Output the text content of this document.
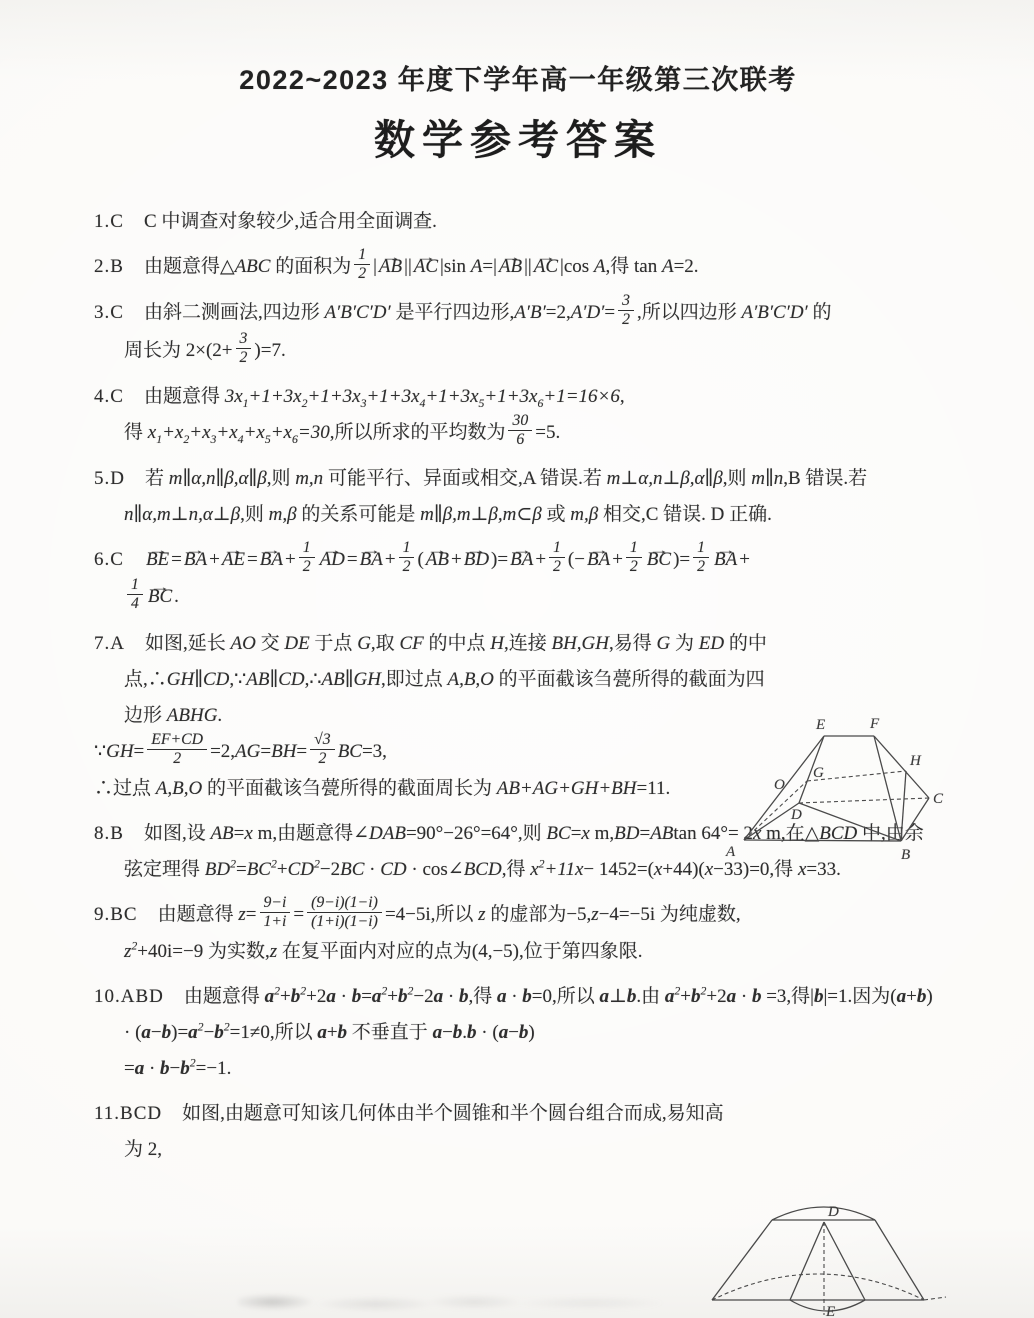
2022~2023 年度下学年高一年级第三次联考
数学参考答案
1.C C 中调查对象较少,适合用全面调查.
2.B 由题意得△ABC 的面积为 $\frac{1}{2}$ | AB → || AC → |sin A=| AB → || AC → |cos A,得 tan A=2.
3.C 由斜二测画法,四边形 A′B′C′D′ 是平行四边形$,A'B'=2,A'D'= \frac{3}{2}$ ,所以四边形 A′B′C′D′ 的
周长为 $2\times(2+ \frac{3}{2} )=7$.
4.C 由题意得 $3x_1+1+3x_2+1+3x_3+1+3x_4+1+3x_5+1+3x_6+1=16\times 6$,
得 $x_1+x_2+x_3+x_4+x_5+x_6=30$,所以所求的平均数为 $\frac{30}{6} =5$.
5.D 若 m∥α,n∥β,α∥β,则 m,n 可能平行、异面或相交,A 错误.若 m⊥α,n⊥β,α∥β,则 m∥n,B 错误.若 n∥α,m⊥n,α⊥β,则 m,β 的关系可能是 m∥β,m⊥β,m⊂β 或 m,β 相交,C 错误. D 正确.
6.C BE → = BA → + AE → = BA → + $\frac{1}{2}$ AD → = BA → + $\frac{1}{2}$ ( AB → + BD → )= BA → + $\frac{1}{2}$ (− BA → + $\frac{1}{2}$ BC → )= $\frac{1}{2}$ BA → +
$\frac{1}{4}$ BC → .
7.A 如图,延长 AO 交 DE 于点 G,取 CF 的中点 H,连接 BH,GH,易得 G 为 ED 的中点,∴GH∥CD,∵AB∥CD,∴AB∥GH,即过点 A,B,O 的平面截该刍甍所得的截面为四边形 ABHG.
∵GH= $\frac{EF+CD}{2} =2,AG=BH= \frac{√3}{2} BC=3$,
∴过点 A,B,O 的平面截该刍甍所得的截面周长为 AB+AG+GH+BH=11.
8.B 如图,设 AB=x m,由题意得∠DAB=90°−26°=64°,则 BC=x m,BD=ABtan 64°= 2x m,在△BCD 中,由余弦定理得 $BD^2=BC^2+CD^2-2BC$ · CD · cos∠BCD,得 $x^2+11x- 1452=(x+44)(x-33)=0$,得 x=33.
9.BC 由题意得 $z= \frac{9-i}{1+i} = \frac{(9-i)(1-i)}{(1+i)(1-i)} =4-5i$,所以 z 的虚部为−5,z−4=−5i 为纯虚数,
$z^2+40i=-9$ 为实数,z 在复平面内对应的点为(4,−5),位于第四象限.
10.ABD 由题意得 $a^2+b^2+2a \cdot b=a^2+b^2-2a \cdot b$,得 a · b=0,所以 a⊥b.由 $a^2+b^2+2a \cdot b =3$,得|b|=1.因为$(a+b) \cdot (a-b)=a^2-b^2=1\ne 0$,所以 a+b 不垂直于 a−b.b · (a−b)
$=a \cdot b-b^2=-1$.
11.BCD 如图,由题意可知该几何体由半个圆锥和半个圆台组合而成,易知高为 2,
A	B
C
D
E	F
G
H
O
D
E
